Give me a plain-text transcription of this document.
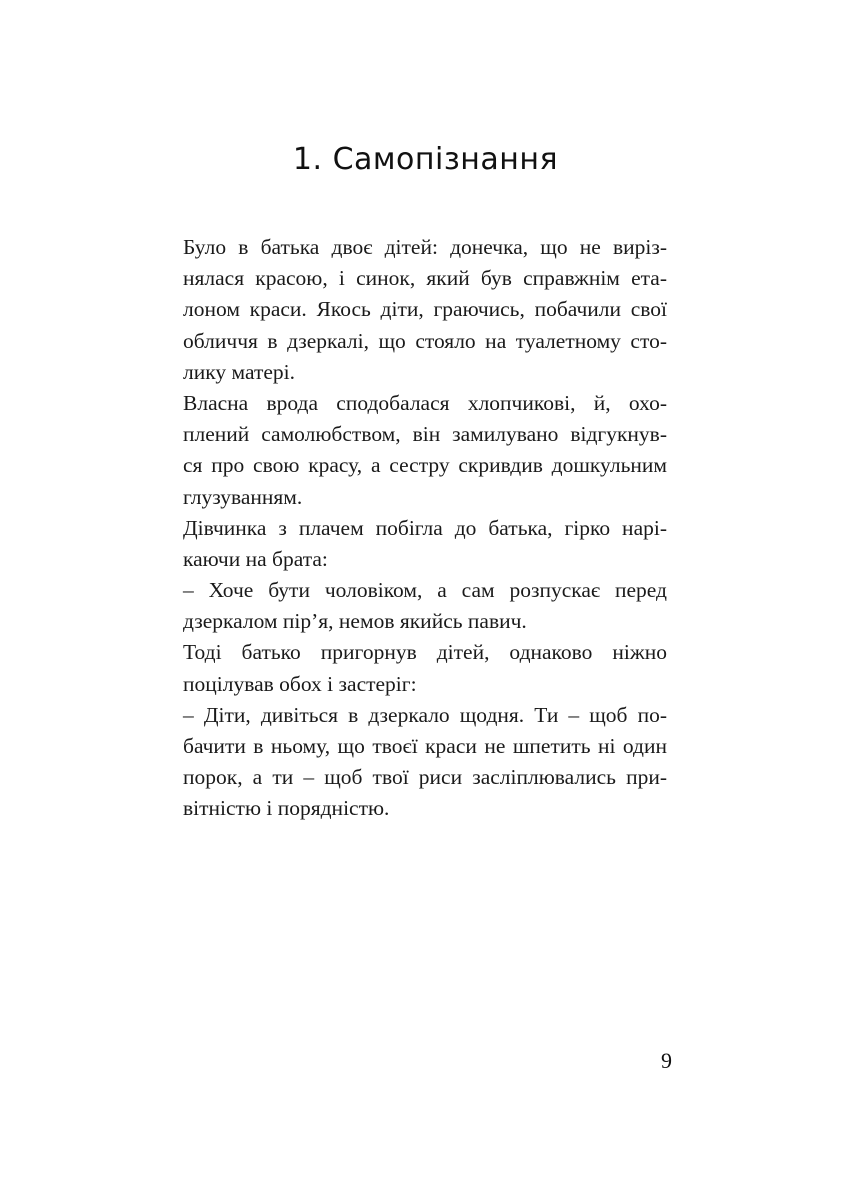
1. Самопізнання
Було в батька двоє дітей: донечка, що не виріз-
нялася красою, і синок, який був справжнім ета-
лоном краси. Якось діти, граючись, побачили свої
обличчя в дзеркалі, що стояло на туалетному сто-
лику матері.
Власна врода сподобалася хлопчикові, й, охо-
плений самолюбством, він замилувано відгукнув-
ся про свою красу, а сестру скривдив дошкульним
глузуванням.
Дівчинка з плачем побігла до батька, гірко нарі-
каючи на брата:
– Хоче бути чоловіком, а сам розпускає перед
дзеркалом пір’я, немов якийсь павич.
Тоді батько пригорнув дітей, однаково ніжно
поцілував обох і застеріг:
– Діти, дивіться в дзеркало щодня. Ти – щоб по-
бачити в ньому, що твоєї краси не шпетить ні один
порок, а ти – щоб твої риси засліплювались при-
вітністю і порядністю.
9
